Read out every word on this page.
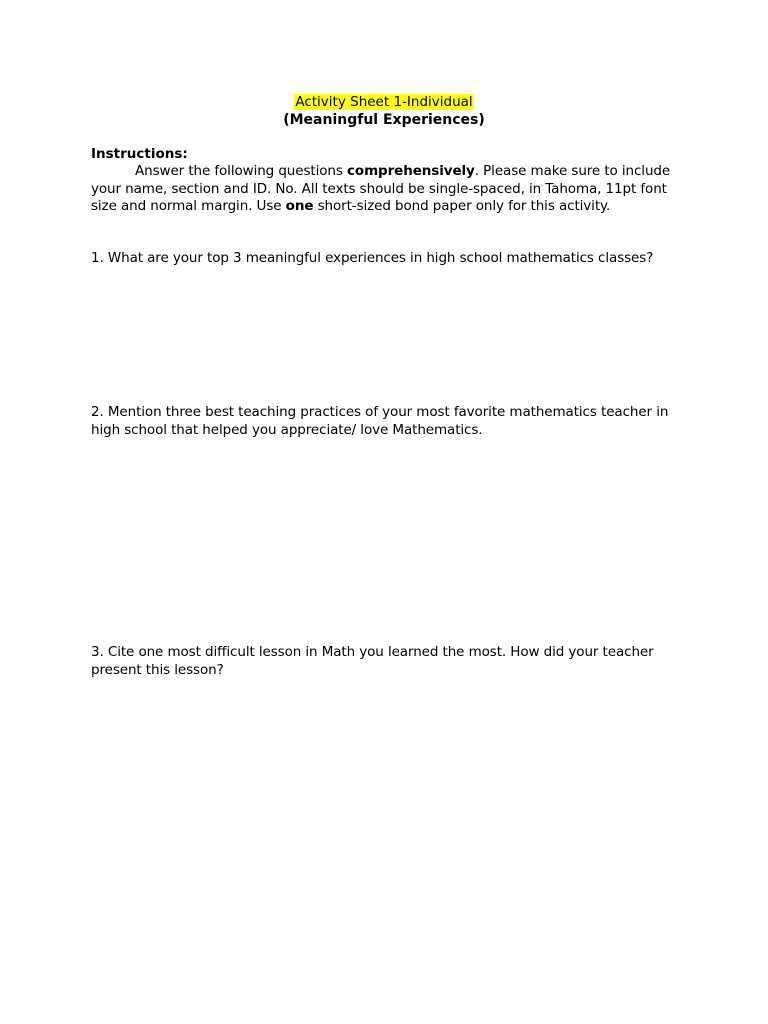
Activity Sheet 1-Individual
(Meaningful Experiences)
Instructions:
Answer the following questions comprehensively. Please make sure to include your name, section and ID. No. All texts should be single-spaced, in Tahoma, 11pt font size and normal margin. Use one short-sized bond paper only for this activity.
1. What are your top 3 meaningful experiences in high school mathematics classes?
2. Mention three best teaching practices of your most favorite mathematics teacher in high school that helped you appreciate/ love Mathematics.
3. Cite one most difficult lesson in Math you learned the most. How did your teacher present this lesson?
